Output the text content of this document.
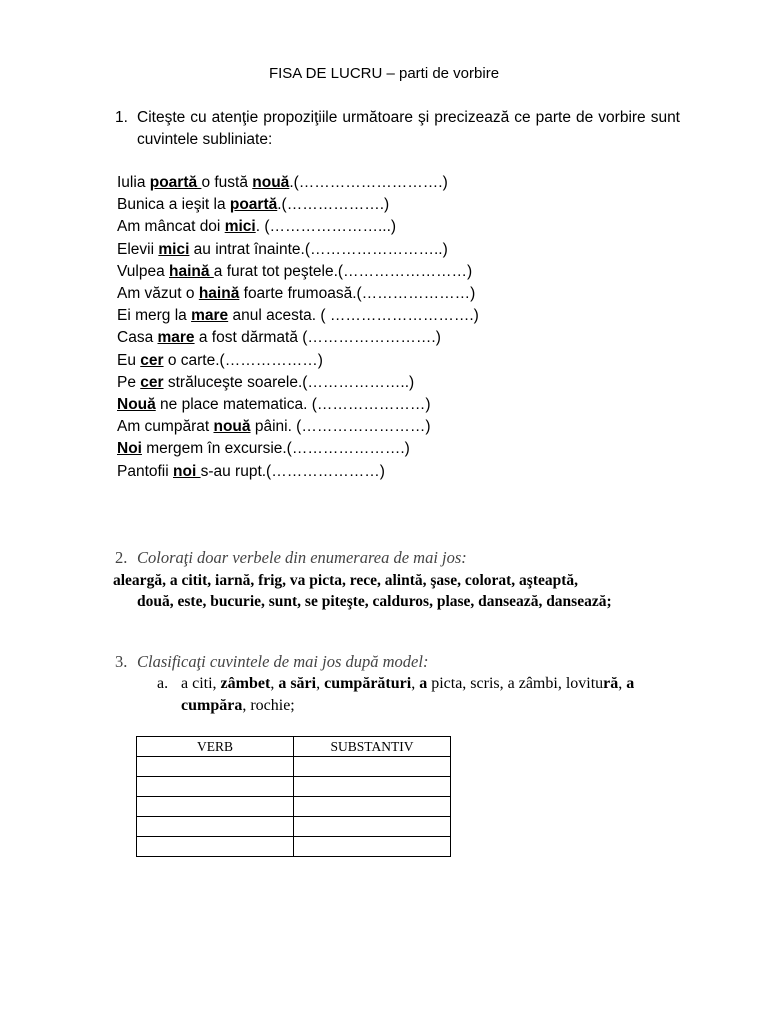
FISA DE LUCRU – parti de vorbire
1. Citeşte cu atenţie propoziţiile următoare şi precizează ce parte de vorbire sunt cuvintele subliniate:
Iulia poartă o fustă nouă.(……………………….)
Bunica a ieşit la poartă.(……………….)
Am mâncat doi mici. (…………………...)
Elevii mici au intrat înainte.(……………………..)
Vulpea haină a furat tot peştele.(……………………)
Am văzut o haină foarte frumoasă.(…………………)
Ei merg la mare anul acesta. ( ……………………….)
Casa mare a fost dărmată (…………………….)
Eu cer o carte.(………………)
Pe cer străluceşte soarele.(………………..)
Nouă ne place matematica. (…………………)
Am cumpărat nouă pâini. (……………………)
Noi mergem în excursie.(………………….)
Pantofii noi s-au rupt.(…………………)
2. Coloraţi doar verbele din enumerarea de mai jos:
aleargă, a citit, iarnă, frig, va picta, rece, alintă, şase, colorat, aşteaptă,
două, este, bucurie, sunt, se piteşte, calduros, plase, dansează, dansează;
3. Clasificaţi cuvintele de mai jos după model:
a. a citi, zâmbet, a sări, cumpărături, a picta, scris, a zâmbi, lovitură, a cumpăra, rochie;
VERB	SUBSTANTIV
